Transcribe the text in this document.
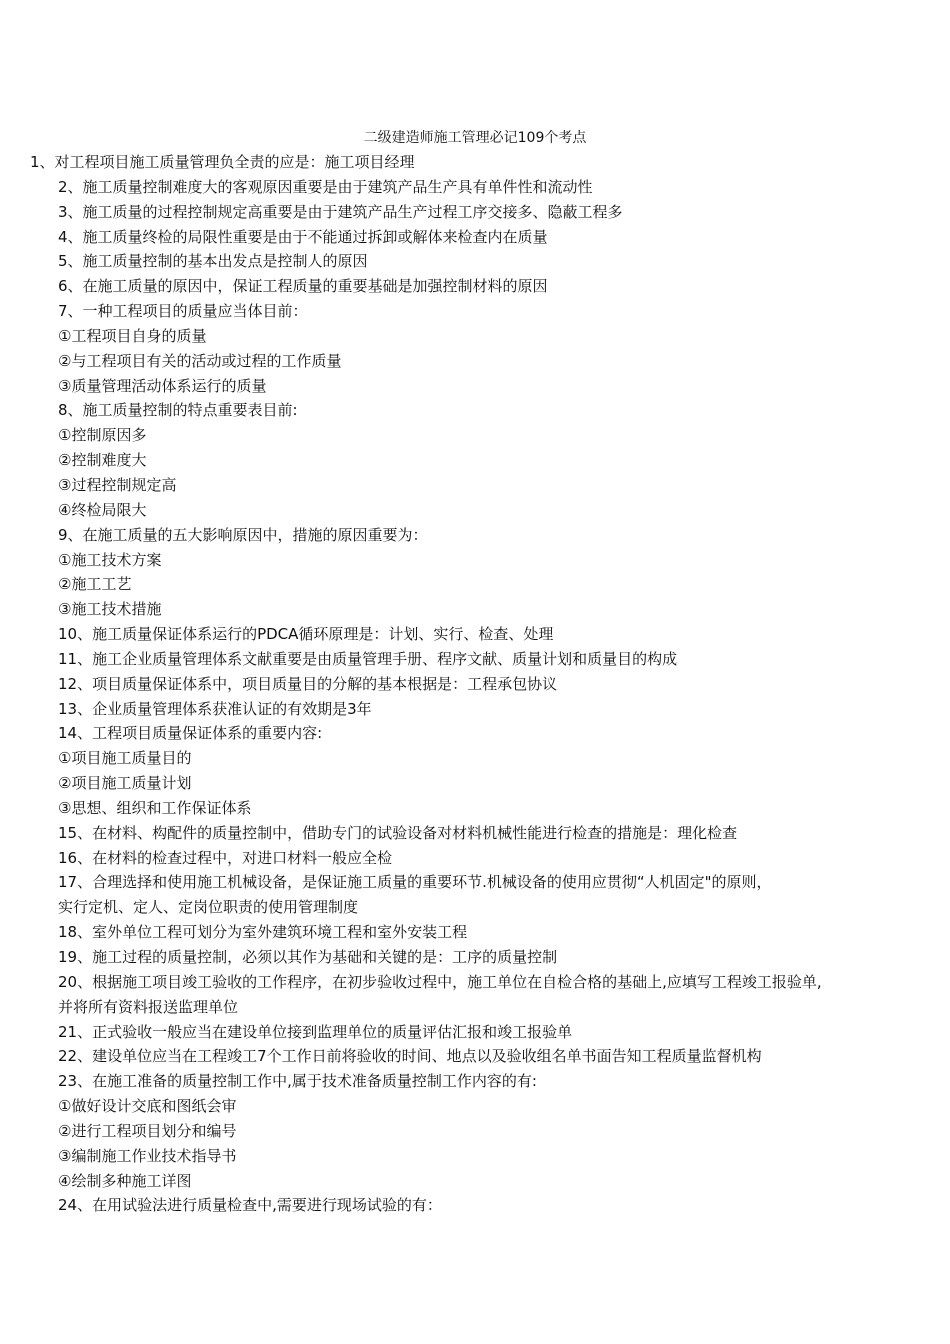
二级建造师施工管理必记109个考点
1、对工程项目施工质量管理负全责的应是：施工项目经理
2、施工质量控制难度大的客观原因重要是由于建筑产品生产具有单件性和流动性
3、施工质量的过程控制规定高重要是由于建筑产品生产过程工序交接多、隐蔽工程多
4、施工质量终检的局限性重要是由于不能通过拆卸或解体来检查内在质量
5、施工质量控制的基本出发点是控制人的原因
6、在施工质量的原因中，保证工程质量的重要基础是加强控制材料的原因
7、一种工程项目的质量应当体目前：
①工程项目自身的质量
②与工程项目有关的活动或过程的工作质量
③质量管理活动体系运行的质量
8、施工质量控制的特点重要表目前:
①控制原因多
②控制难度大
③过程控制规定高
④终检局限大
9、在施工质量的五大影响原因中，措施的原因重要为：
①施工技术方案
②施工工艺
③施工技术措施
10、施工质量保证体系运行的PDCA循环原理是：计划、实行、检查、处理
11、施工企业质量管理体系文献重要是由质量管理手册、程序文献、质量计划和质量目的构成
12、项目质量保证体系中，项目质量目的分解的基本根据是：工程承包协议
13、企业质量管理体系获准认证的有效期是3年
14、工程项目质量保证体系的重要内容:
①项目施工质量目的
②项目施工质量计划
③思想、组织和工作保证体系
15、在材料、构配件的质量控制中，借助专门的试验设备对材料机械性能进行检查的措施是：理化检查
16、在材料的检查过程中，对进口材料一般应全检
17、合理选择和使用施工机械设备，是保证施工质量的重要环节.机械设备的使用应贯彻“人机固定"的原则，
实行定机、定人、定岗位职责的使用管理制度
18、室外单位工程可划分为室外建筑环境工程和室外安装工程
19、施工过程的质量控制，必须以其作为基础和关键的是：工序的质量控制
20、根据施工项目竣工验收的工作程序，在初步验收过程中，施工单位在自检合格的基础上,应填写工程竣工报验单,
并将所有资料报送监理单位
21、正式验收一般应当在建设单位接到监理单位的质量评估汇报和竣工报验单
22、建设单位应当在工程竣工7个工作日前将验收的时间、地点以及验收组名单书面告知工程质量监督机构
23、在施工准备的质量控制工作中,属于技术准备质量控制工作内容的有:
①做好设计交底和图纸会审
②进行工程项目划分和编号
③编制施工作业技术指导书
④绘制多种施工详图
24、在用试验法进行质量检查中,需要进行现场试验的有：
